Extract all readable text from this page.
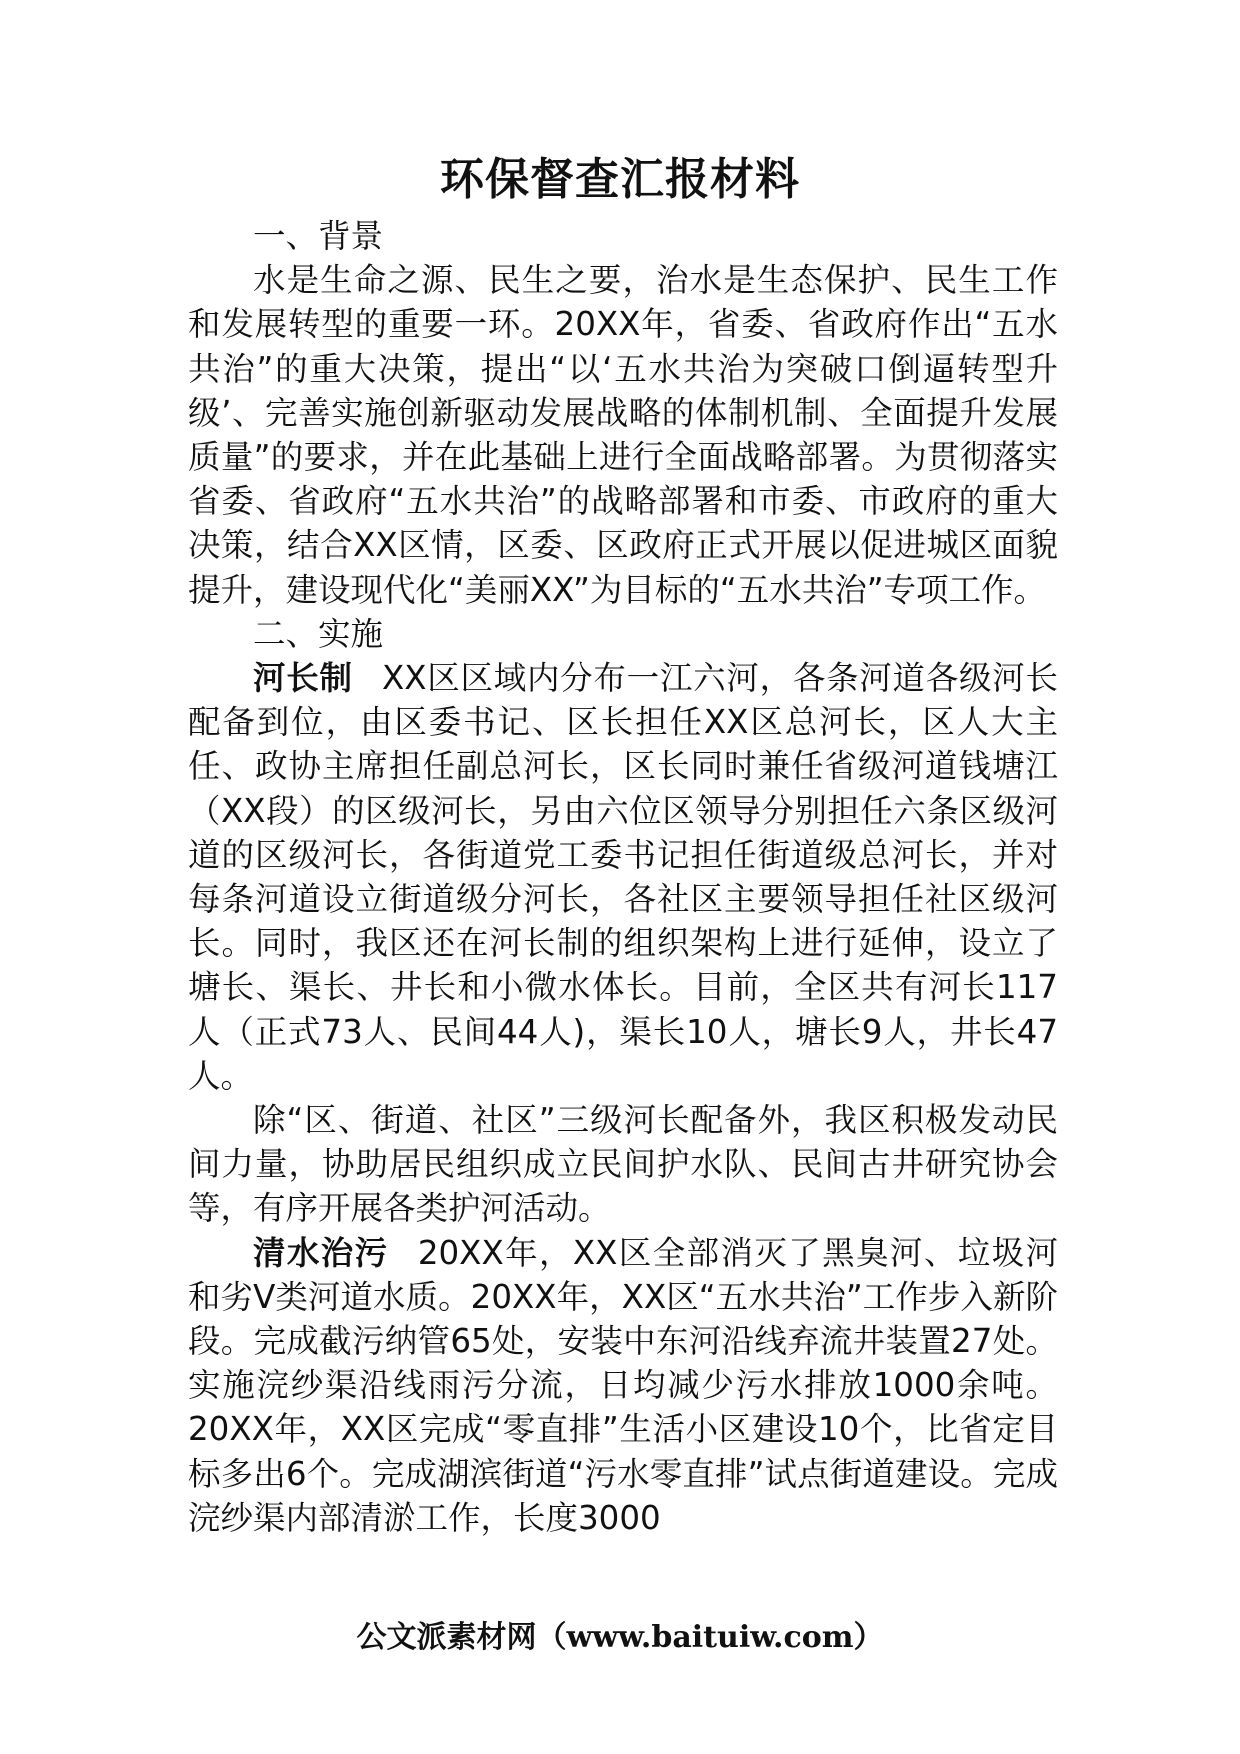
环保督查汇报材料

一、背景

水是生命之源、民生之要，治水是生态保护、民生工作和发展转型的重要一环。20XX年，省委、省政府作出“五水共治”的重大决策，提出“以‘五水共治为突破口倒逼转型升级’、完善实施创新驱动发展战略的体制机制、全面提升发展质量”的要求，并在此基础上进行全面战略部署。为贯彻落实省委、省政府“五水共治”的战略部署和市委、市政府的重大决策，结合XX区情，区委、区政府正式开展以促进城区面貌提升，建设现代化“美丽XX”为目标的“五水共治”专项工作。

二、实施

河长制 XX区区域内分布一江六河，各条河道各级河长配备到位，由区委书记、区长担任XX区总河长，区人大主任、政协主席担任副总河长，区长同时兼任省级河道钱塘江（XX段）的区级河长，另由六位区领导分别担任六条区级河道的区级河长，各街道党工委书记担任街道级总河长，并对每条河道设立街道级分河长，各社区主要领导担任社区级河长。同时，我区还在河长制的组织架构上进行延伸，设立了塘长、渠长、井长和小微水体长。目前，全区共有河长117人（正式73人、民间44人)，渠长10人，塘长9人，井长47人。

除“区、街道、社区”三级河长配备外，我区积极发动民间力量，协助居民组织成立民间护水队、民间古井研究协会等，有序开展各类护河活动。

清水治污 20XX年，XX区全部消灭了黑臭河、垃圾河和劣Ⅴ类河道水质。20XX年，XX区“五水共治”工作步入新阶段。完成截污纳管65处，安装中东河沿线弃流井装置27处。实施浣纱渠沿线雨污分流，日均减少污水排放1000余吨。20XX年，XX区完成“零直排”生活小区建设10个，比省定目标多出6个。完成湖滨街道“污水零直排”试点街道建设。完成浣纱渠内部清淤工作，长度3000

公文派素材网（www.baituiw.com）
